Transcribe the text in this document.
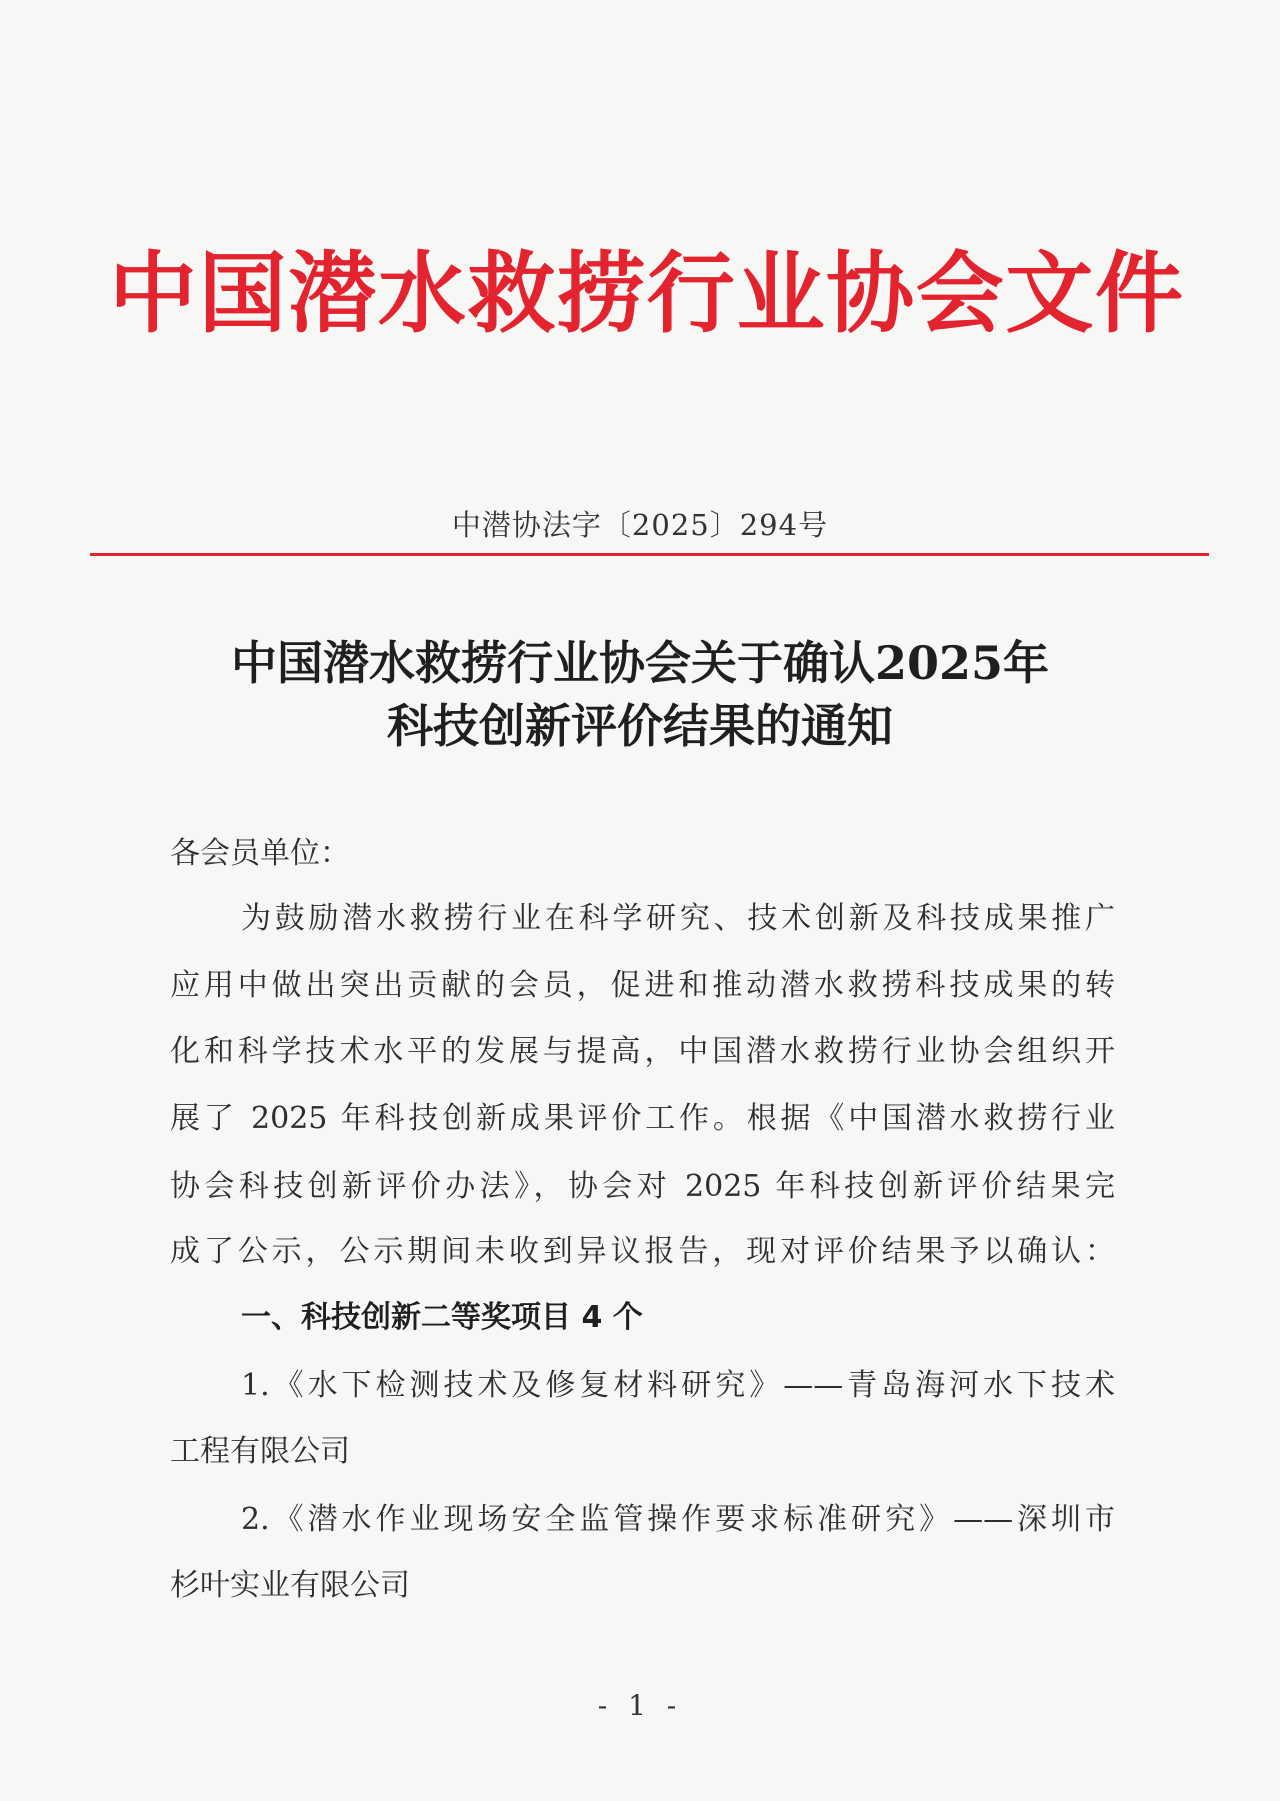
中国潜水救捞行业协会文件
中潜协法字〔2025〕294号
中国潜水救捞行业协会关于确认2025年
科技创新评价结果的通知
各会员单位：
为鼓励潜水救捞行业在科学研究、技术创新及科技成果推广
应用中做出突出贡献的会员，促进和推动潜水救捞科技成果的转
化和科学技术水平的发展与提高，中国潜水救捞行业协会组织开
展了 2025 年科技创新成果评价工作。根据《中国潜水救捞行业
协会科技创新评价办法》，协会对 2025 年科技创新评价结果完
成了公示，公示期间未收到异议报告，现对评价结果予以确认：
一、科技创新二等奖项目 4 个
1.《水下检测技术及修复材料研究》——青岛海河水下技术
工程有限公司
2.《潜水作业现场安全监管操作要求标准研究》——深圳市
杉叶实业有限公司
- 1 -
